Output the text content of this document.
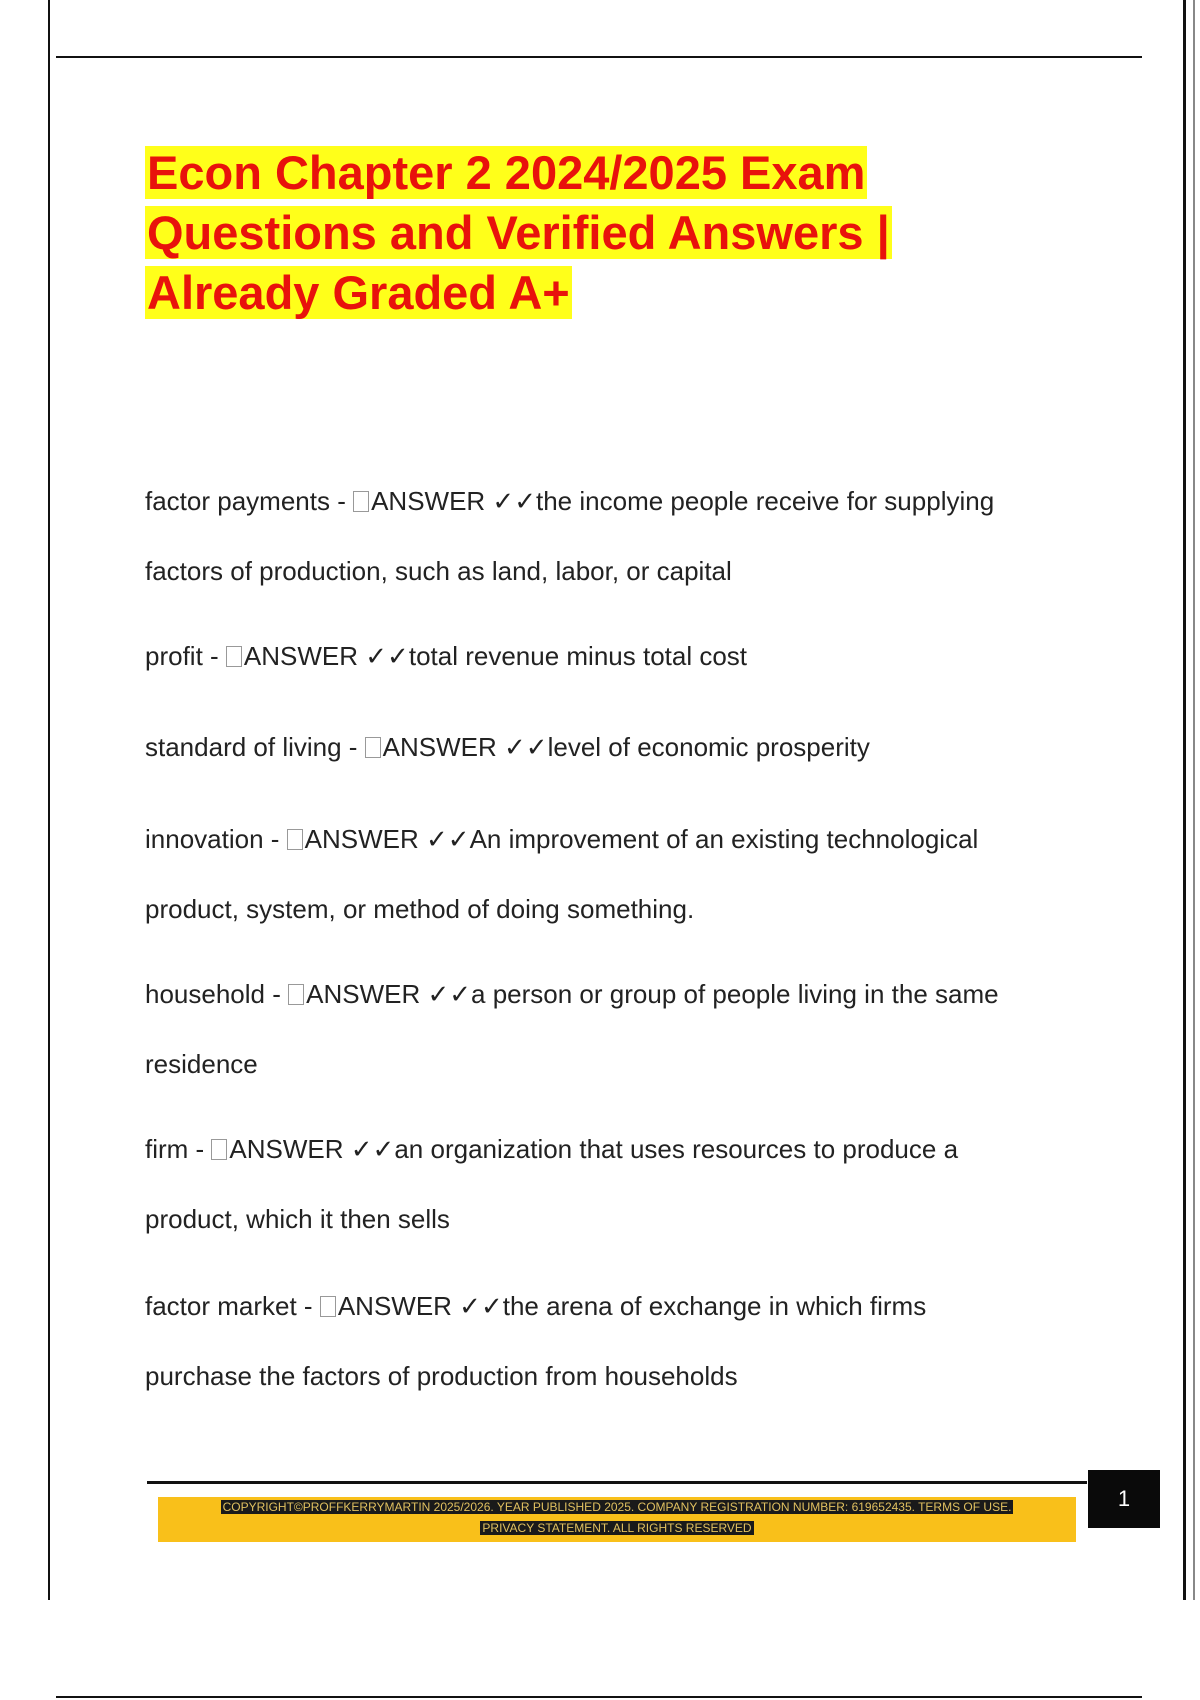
Econ Chapter 2 2024/2025 Exam
Questions and Verified Answers |
Already Graded A+
factor payments - ANSWER ✓✓the income people receive for supplying
factors of production, such as land, labor, or capital
profit - ANSWER ✓✓total revenue minus total cost
standard of living - ANSWER ✓✓level of economic prosperity
innovation - ANSWER ✓✓An improvement of an existing technological
product, system, or method of doing something.
household - ANSWER ✓✓a person or group of people living in the same
residence
firm - ANSWER ✓✓an organization that uses resources to produce a
product, which it then sells
factor market - ANSWER ✓✓the arena of exchange in which firms
purchase the factors of production from households
COPYRIGHT©PROFFKERRYMARTIN 2025/2026. YEAR PUBLISHED 2025. COMPANY REGISTRATION NUMBER: 619652435. TERMS OF USE.
PRIVACY STATEMENT. ALL RIGHTS RESERVED
1
